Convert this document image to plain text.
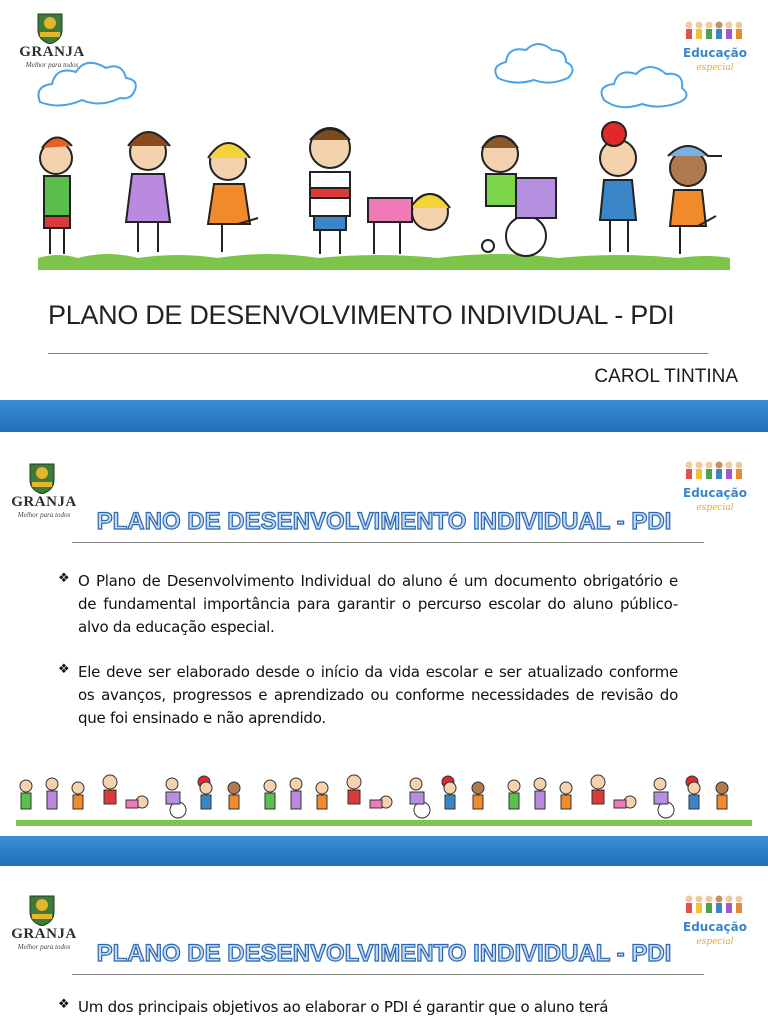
GRANJA
Melhor para todos
Educação
especial
PLANO DE DESENVOLVIMENTO INDIVIDUAL - PDI
CAROL TINTINA
GRANJA
Melhor para todos
Educação
especial
PLANO DE DESENVOLVIMENTO INDIVIDUAL - PDI
❖ O Plano de Desenvolvimento Individual do aluno é um documento obrigatório e de fundamental importância para garantir o percurso escolar do aluno público-alvo da educação especial.

❖ Ele deve ser elaborado desde o início da vida escolar e ser atualizado conforme os avanços, progressos e aprendizado ou conforme necessidades de revisão do que foi ensinado e não aprendido.

GRANJA
Melhor para todos
Educação
especial
PLANO DE DESENVOLVIMENTO INDIVIDUAL - PDI
❖ Um dos principais objetivos ao elaborar o PDI é garantir que o aluno terá
